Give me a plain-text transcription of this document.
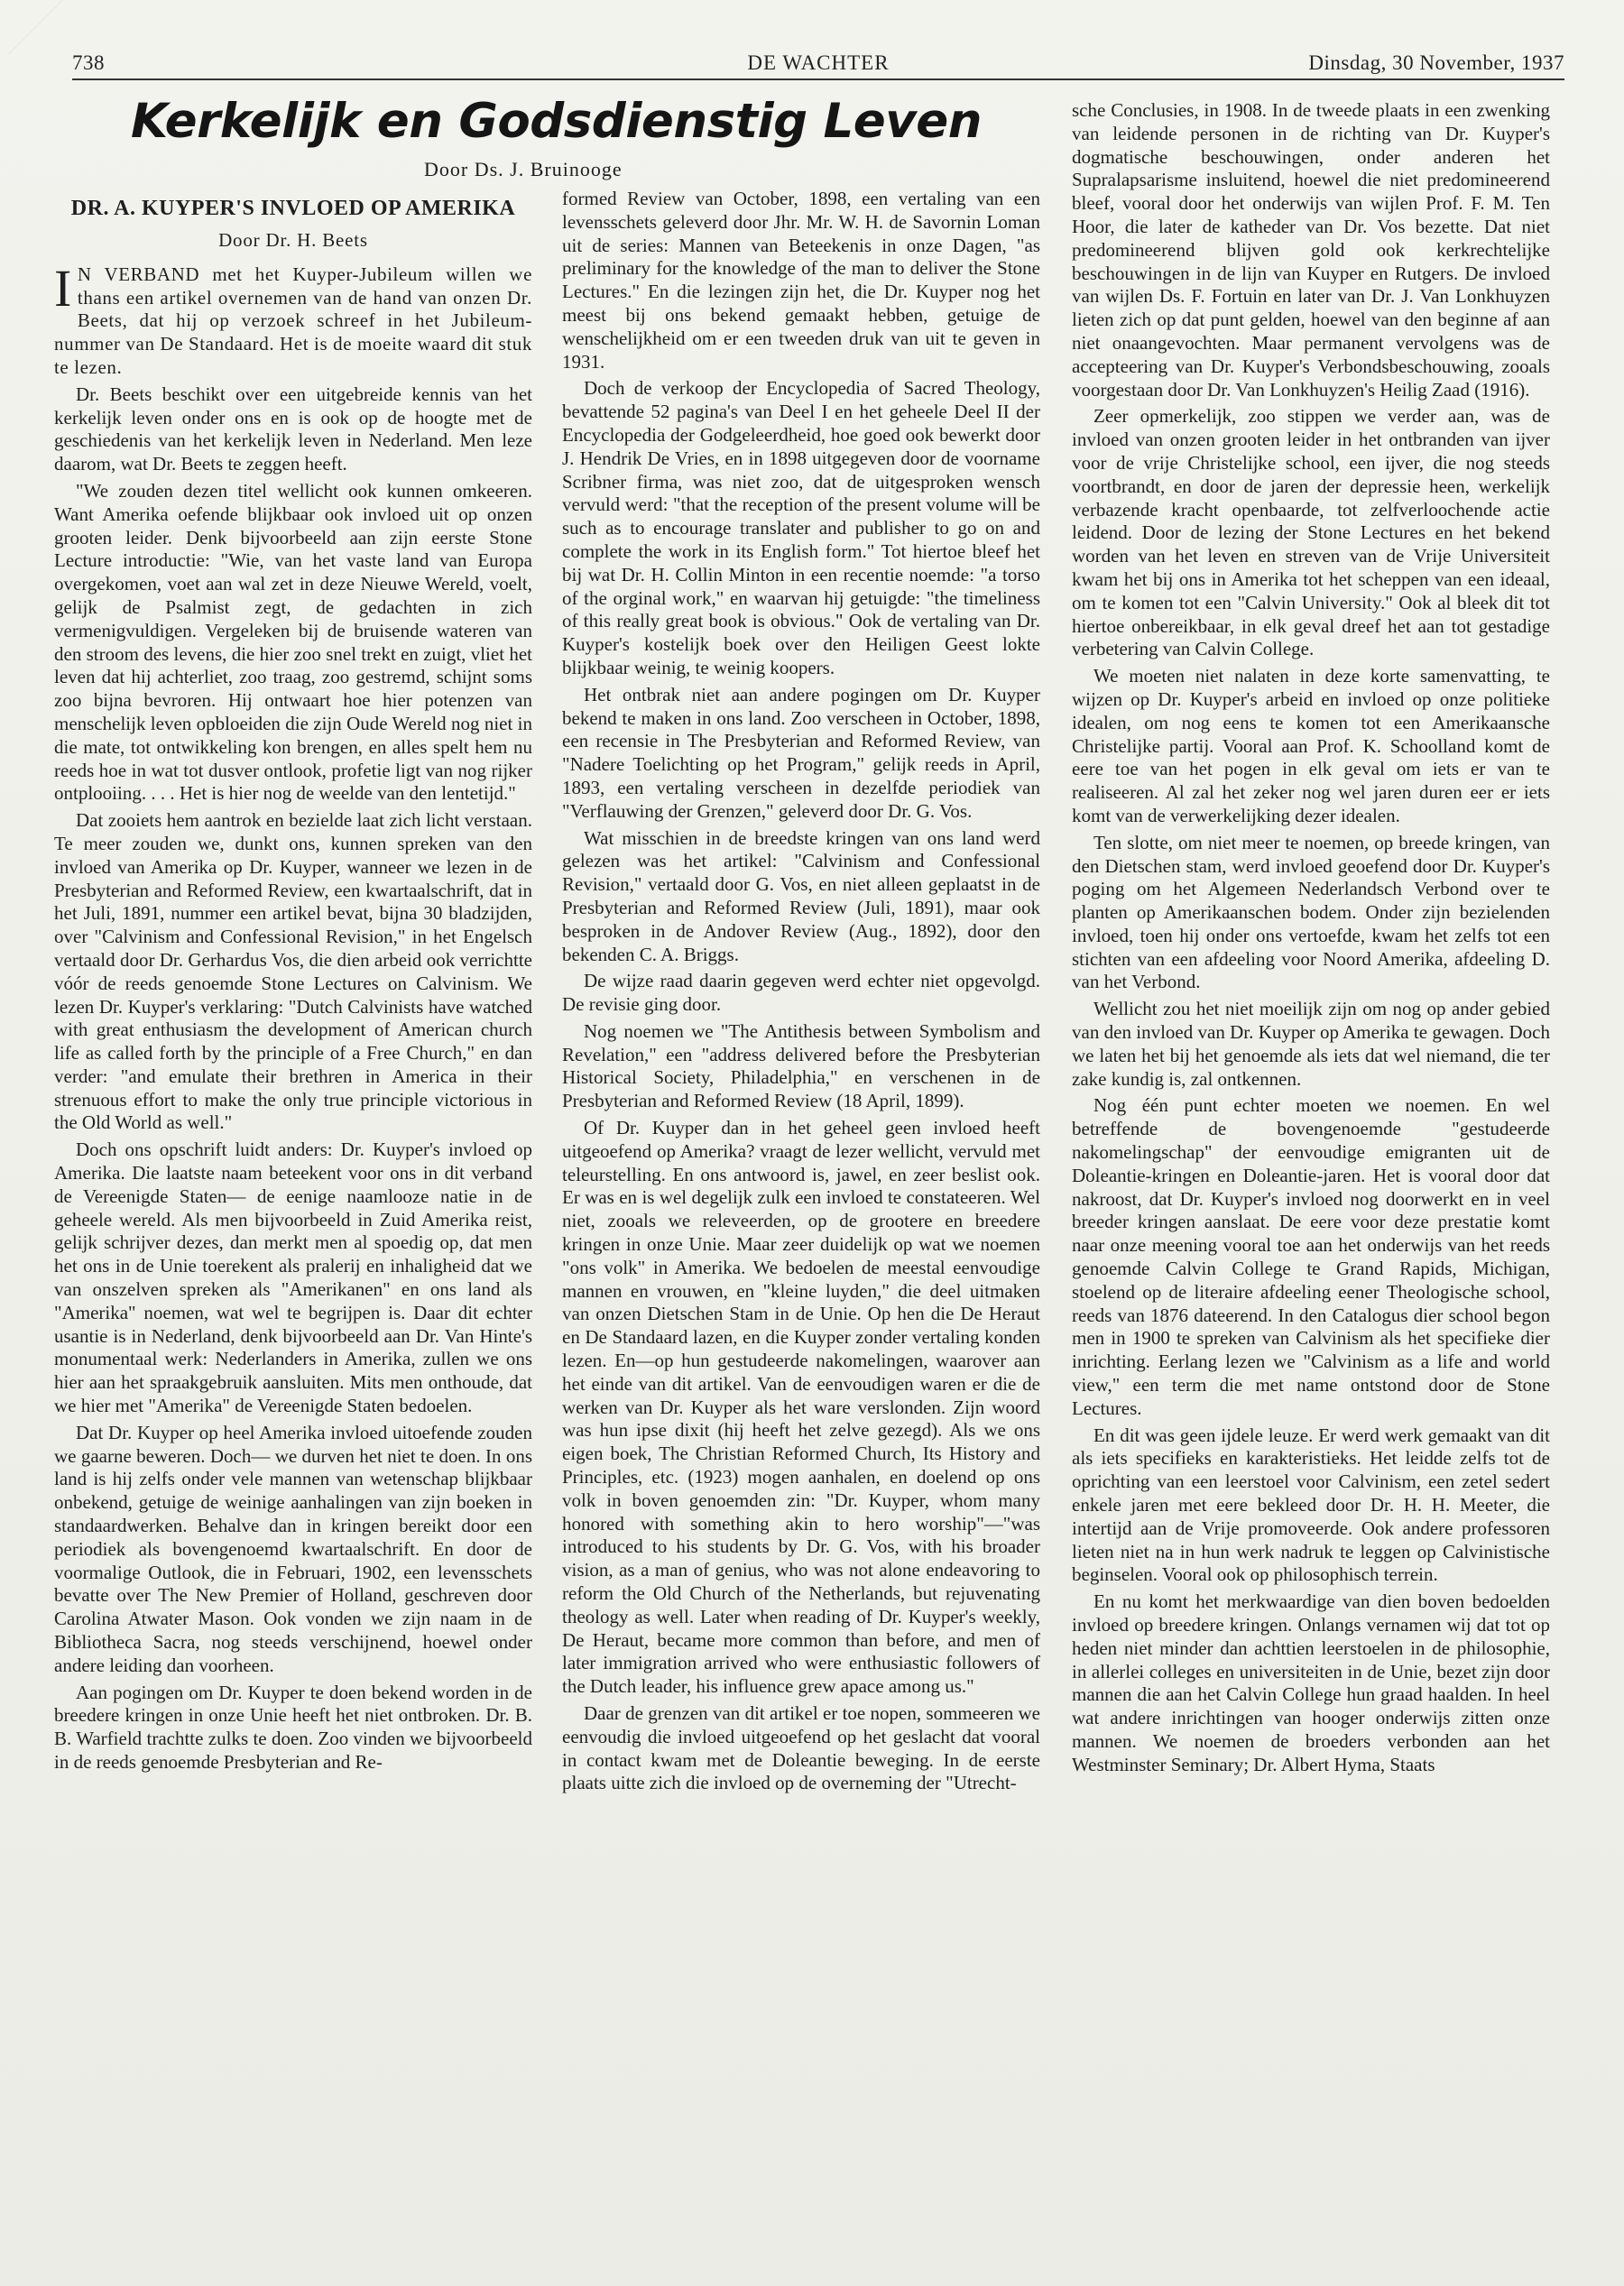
738	DE WACHTER	Dinsdag, 30 November, 1937
Kerkelijk en Godsdienstig Leven
Door Ds. J. Bruinooge
DR. A. KUYPER'S INVLOED OP AMERIKA
Door Dr. H. Beets

I N VERBAND met het Kuyper-Jubileum willen we thans een artikel overnemen van de hand van onzen Dr. Beets, dat hij op verzoek schreef in het Jubileum-nummer van De Standaard. Het is de moeite waard dit stuk te lezen.

Dr. Beets beschikt over een uitgebreide kennis van het kerkelijk leven onder ons en is ook op de hoogte met de geschiedenis van het kerkelijk leven in Nederland. Men leze daarom, wat Dr. Beets te zeggen heeft.

"We zouden dezen titel wellicht ook kunnen omkeeren. Want Amerika oefende blijkbaar ook invloed uit op onzen grooten leider. Denk bijvoorbeeld aan zijn eerste Stone Lecture introductie: "Wie, van het vaste land van Europa overgekomen, voet aan wal zet in deze Nieuwe Wereld, voelt, gelijk de Psalmist zegt, de gedachten in zich vermenigvuldigen. Vergeleken bij de bruisende wateren van den stroom des levens, die hier zoo snel trekt en zuigt, vliet het leven dat hij achterliet, zoo traag, zoo gestremd, schijnt soms zoo bijna bevroren. Hij ontwaart hoe hier potenzen van menschelijk leven opbloeiden die zijn Oude Wereld nog niet in die mate, tot ontwikkeling kon brengen, en alles spelt hem nu reeds hoe in wat tot dusver ontlook, profetie ligt van nog rijker ontplooiing. . . . Het is hier nog de weelde van den lentetijd."

Dat zooiets hem aantrok en bezielde laat zich licht verstaan. Te meer zouden we, dunkt ons, kunnen spreken van den invloed van Amerika op Dr. Kuyper, wanneer we lezen in de Presbyterian and Reformed Review, een kwartaalschrift, dat in het Juli, 1891, nummer een artikel bevat, bijna 30 bladzijden, over "Calvinism and Confessional Revision," in het Engelsch vertaald door Dr. Gerhardus Vos, die dien arbeid ook verrichtte vóór de reeds genoemde Stone Lectures on Calvinism. We lezen Dr. Kuyper's verklaring: "Dutch Calvinists have watched with great enthusiasm the development of American church life as called forth by the principle of a Free Church," en dan verder: "and emulate their brethren in America in their strenuous effort to make the only true principle victorious in the Old World as well."

Doch ons opschrift luidt anders: Dr. Kuyper's invloed op Amerika. Die laatste naam beteekent voor ons in dit verband de Vereenigde Staten— de eenige naamlooze natie in de geheele wereld. Als men bijvoorbeeld in Zuid Amerika reist, gelijk schrijver dezes, dan merkt men al spoedig op, dat men het ons in de Unie toerekent als pralerij en inhaligheid dat we van onszelven spreken als "Amerikanen" en ons land als "Amerika" noemen, wat wel te begrijpen is. Daar dit echter usantie is in Nederland, denk bijvoorbeeld aan Dr. Van Hinte's monumentaal werk: Nederlanders in Amerika, zullen we ons hier aan het spraakgebruik aansluiten. Mits men onthoude, dat we hier met "Amerika" de Vereenigde Staten bedoelen.

Dat Dr. Kuyper op heel Amerika invloed uitoefende zouden we gaarne beweren. Doch— we durven het niet te doen. In ons land is hij zelfs onder vele mannen van wetenschap blijkbaar onbekend, getuige de weinige aanhalingen van zijn boeken in standaardwerken. Behalve dan in kringen bereikt door een periodiek als bovengenoemd kwartaalschrift. En door de voormalige Outlook, die in Februari, 1902, een levensschets bevatte over The New Premier of Holland, geschreven door Carolina Atwater Mason. Ook vonden we zijn naam in de Bibliotheca Sacra, nog steeds verschijnend, hoewel onder andere leiding dan voorheen.

Aan pogingen om Dr. Kuyper te doen bekend worden in de breedere kringen in onze Unie heeft het niet ontbroken. Dr. B. B. Warfield trachtte zulks te doen. Zoo vinden we bijvoorbeeld in de reeds genoemde Presbyterian and Re-

formed Review van October, 1898, een vertaling van een levensschets geleverd door Jhr. Mr. W. H. de Savornin Loman uit de series: Mannen van Beteekenis in onze Dagen, "as preliminary for the knowledge of the man to deliver the Stone Lectures." En die lezingen zijn het, die Dr. Kuyper nog het meest bij ons bekend gemaakt hebben, getuige de wenschelijkheid om er een tweeden druk van uit te geven in 1931.

Doch de verkoop der Encyclopedia of Sacred Theology, bevattende 52 pagina's van Deel I en het geheele Deel II der Encyclopedia der Godgeleerdheid, hoe goed ook bewerkt door J. Hendrik De Vries, en in 1898 uitgegeven door de voorname Scribner firma, was niet zoo, dat de uitgesproken wensch vervuld werd: "that the reception of the present volume will be such as to encourage translater and publisher to go on and complete the work in its English form." Tot hiertoe bleef het bij wat Dr. H. Collin Minton in een recentie noemde: "a torso of the orginal work," en waarvan hij getuigde: "the timeliness of this really great book is obvious." Ook de vertaling van Dr. Kuyper's kostelijk boek over den Heiligen Geest lokte blijkbaar weinig, te weinig koopers.

Het ontbrak niet aan andere pogingen om Dr. Kuyper bekend te maken in ons land. Zoo verscheen in October, 1898, een recensie in The Presbyterian and Reformed Review, van "Nadere Toelichting op het Program," gelijk reeds in April, 1893, een vertaling verscheen in dezelfde periodiek van "Verflauwing der Grenzen," geleverd door Dr. G. Vos.

Wat misschien in de breedste kringen van ons land werd gelezen was het artikel: "Calvinism and Confessional Revision," vertaald door G. Vos, en niet alleen geplaatst in de Presbyterian and Reformed Review (Juli, 1891), maar ook besproken in de Andover Review (Aug., 1892), door den bekenden C. A. Briggs.

De wijze raad daarin gegeven werd echter niet opgevolgd. De revisie ging door.

Nog noemen we "The Antithesis between Symbolism and Revelation," een "address delivered before the Presbyterian Historical Society, Philadelphia," en verschenen in de Presbyterian and Reformed Review (18 April, 1899).

Of Dr. Kuyper dan in het geheel geen invloed heeft uitgeoefend op Amerika? vraagt de lezer wellicht, vervuld met teleurstelling. En ons antwoord is, jawel, en zeer beslist ook. Er was en is wel degelijk zulk een invloed te constateeren. Wel niet, zooals we releveerden, op de grootere en breedere kringen in onze Unie. Maar zeer duidelijk op wat we noemen "ons volk" in Amerika. We bedoelen de meestal eenvoudige mannen en vrouwen, en "kleine luyden," die deel uitmaken van onzen Dietschen Stam in de Unie. Op hen die De Heraut en De Standaard lazen, en die Kuyper zonder vertaling konden lezen. En—op hun gestudeerde nakomelingen, waarover aan het einde van dit artikel. Van de eenvoudigen waren er die de werken van Dr. Kuyper als het ware verslonden. Zijn woord was hun ipse dixit (hij heeft het zelve gezegd). Als we ons eigen boek, The Christian Reformed Church, Its History and Principles, etc. (1923) mogen aanhalen, en doelend op ons volk in boven genoemden zin: "Dr. Kuyper, whom many honored with something akin to hero worship"—"was introduced to his students by Dr. G. Vos, with his broader vision, as a man of genius, who was not alone endeavoring to reform the Old Church of the Netherlands, but rejuvenating theology as well. Later when reading of Dr. Kuyper's weekly, De Heraut, became more common than before, and men of later immigration arrived who were enthusiastic followers of the Dutch leader, his influence grew apace among us."

Daar de grenzen van dit artikel er toe nopen, sommeeren we eenvoudig die invloed uitgeoefend op het geslacht dat vooral in contact kwam met de Doleantie beweging. In de eerste plaats uitte zich die invloed op de overneming der "Utrecht-

sche Conclusies, in 1908. In de tweede plaats in een zwenking van leidende personen in de richting van Dr. Kuyper's dogmatische beschouwingen, onder anderen het Supralapsarisme insluitend, hoewel die niet predomineerend bleef, vooral door het onderwijs van wijlen Prof. F. M. Ten Hoor, die later de katheder van Dr. Vos bezette. Dat niet predomineerend blijven gold ook kerkrechtelijke beschouwingen in de lijn van Kuyper en Rutgers. De invloed van wijlen Ds. F. Fortuin en later van Dr. J. Van Lonkhuyzen lieten zich op dat punt gelden, hoewel van den beginne af aan niet onaangevochten. Maar permanent vervolgens was de accepteering van Dr. Kuyper's Verbondsbeschouwing, zooals voorgestaan door Dr. Van Lonkhuyzen's Heilig Zaad (1916).

Zeer opmerkelijk, zoo stippen we verder aan, was de invloed van onzen grooten leider in het ontbranden van ijver voor de vrije Christelijke school, een ijver, die nog steeds voortbrandt, en door de jaren der depressie heen, werkelijk verbazende kracht openbaarde, tot zelfverloochende actie leidend. Door de lezing der Stone Lectures en het bekend worden van het leven en streven van de Vrije Universiteit kwam het bij ons in Amerika tot het scheppen van een ideaal, om te komen tot een "Calvin University." Ook al bleek dit tot hiertoe onbereikbaar, in elk geval dreef het aan tot gestadige verbetering van Calvin College.

We moeten niet nalaten in deze korte samenvatting, te wijzen op Dr. Kuyper's arbeid en invloed op onze politieke idealen, om nog eens te komen tot een Amerikaansche Christelijke partij. Vooral aan Prof. K. Schoolland komt de eere toe van het pogen in elk geval om iets er van te realiseeren. Al zal het zeker nog wel jaren duren eer er iets komt van de verwerkelijking dezer idealen.

Ten slotte, om niet meer te noemen, op breede kringen, van den Dietschen stam, werd invloed geoefend door Dr. Kuyper's poging om het Algemeen Nederlandsch Verbond over te planten op Amerikaanschen bodem. Onder zijn bezielenden invloed, toen hij onder ons vertoefde, kwam het zelfs tot een stichten van een afdeeling voor Noord Amerika, afdeeling D. van het Verbond.

Wellicht zou het niet moeilijk zijn om nog op ander gebied van den invloed van Dr. Kuyper op Amerika te gewagen. Doch we laten het bij het genoemde als iets dat wel niemand, die ter zake kundig is, zal ontkennen.

Nog één punt echter moeten we noemen. En wel betreffende de bovengenoemde "gestudeerde nakomelingschap" der eenvoudige emigranten uit de Doleantie-kringen en Doleantie-jaren. Het is vooral door dat nakroost, dat Dr. Kuyper's invloed nog doorwerkt en in veel breeder kringen aanslaat. De eere voor deze prestatie komt naar onze meening vooral toe aan het onderwijs van het reeds genoemde Calvin College te Grand Rapids, Michigan, stoelend op de literaire afdeeling eener Theologische school, reeds van 1876 dateerend. In den Catalogus dier school begon men in 1900 te spreken van Calvinism als het specifieke dier inrichting. Eerlang lezen we "Calvinism as a life and world view," een term die met name ontstond door de Stone Lectures.

En dit was geen ijdele leuze. Er werd werk gemaakt van dit als iets specifieks en karakteristieks. Het leidde zelfs tot de oprichting van een leerstoel voor Calvinism, een zetel sedert enkele jaren met eere bekleed door Dr. H. H. Meeter, die intertijd aan de Vrije promoveerde. Ook andere professoren lieten niet na in hun werk nadruk te leggen op Calvinistische beginselen. Vooral ook op philosophisch terrein.

En nu komt het merkwaardige van dien boven bedoelden invloed op breedere kringen. Onlangs vernamen wij dat tot op heden niet minder dan achttien leerstoelen in de philosophie, in allerlei colleges en universiteiten in de Unie, bezet zijn door mannen die aan het Calvin College hun graad haalden. In heel wat andere inrichtingen van hooger onderwijs zitten onze mannen. We noemen de broeders verbonden aan het Westminster Seminary; Dr. Albert Hyma, Staats
